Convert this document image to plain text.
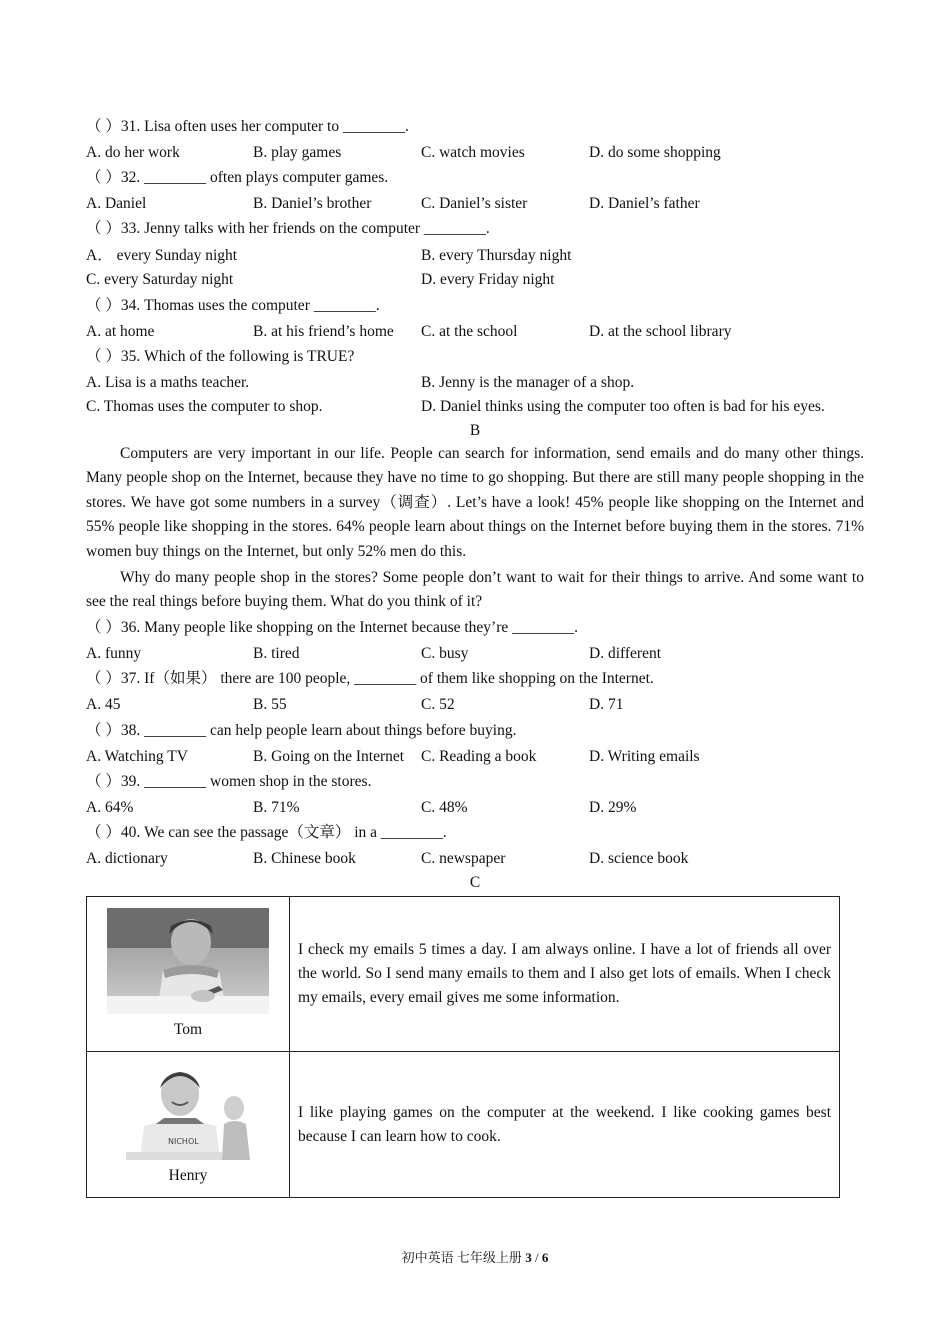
（ ）31. Lisa often uses her computer to ________.
A. do her work	B. play games	C. watch movies	D. do some shopping
（ ）32. ________ often plays computer games.
A. Daniel	B. Daniel’s brother	C. Daniel’s sister	D. Daniel’s father
（ ）33. Jenny talks with her friends on the computer ________.
A． every Sunday night	B. every Thursday night
C. every Saturday night	D. every Friday night
（ ）34. Thomas uses the computer ________.
A. at home	B. at his friend’s home C. at the school	D. at the school library
（ ）35. Which of the following is TRUE?
A. Lisa is a maths teacher.	B. Jenny is the manager of a shop.
C. Thomas uses the computer to shop.	D. Daniel thinks using the computer too often is bad for his eyes.
B

Computers are very important in our life. People can search for information, send emails and do many other things. Many people shop on the Internet, because they have no time to go shopping. But there are still many people shopping in the stores. We have got some numbers in a survey（调查）. Let’s have a look! 45% people like shopping on the Internet and 55% people like shopping in the stores. 64% people learn about things on the Internet before buying them in the stores. 71% women buy things on the Internet, but only 52% men do this.

Why do many people shop in the stores? Some people don’t want to wait for their things to arrive. And some want to see the real things before buying them. What do you think of it?

（ ）36. Many people like shopping on the Internet because they’re ________.
A. funny	B. tired	C. busy	D. different
（ ）37. If（如果） there are 100 people, ________ of them like shopping on the Internet.
A. 45	B. 55	C. 52	D. 71
（ ）38. ________ can help people learn about things before buying.
A. Watching TV	B. Going on the Internet C. Reading a book	D. Writing emails
（ ）39. ________ women shop in the stores.
A. 64%	B. 71%	C. 48%	D. 29%
（ ）40. We can see the passage（文章） in a ________.
A. dictionary	B. Chinese book	C. newspaper	D. science book
C
Tom	I check my emails 5 times a day. I am always online. I have a lot of friends all over the world. So I send many emails to them and I also get lots of emails. When I check my emails, every email gives me some information.

NICHOL
Henry	I like playing games on the computer at the weekend. I like cooking games best because I can learn how to cook.
初中英语 七年级上册 3 / 6
